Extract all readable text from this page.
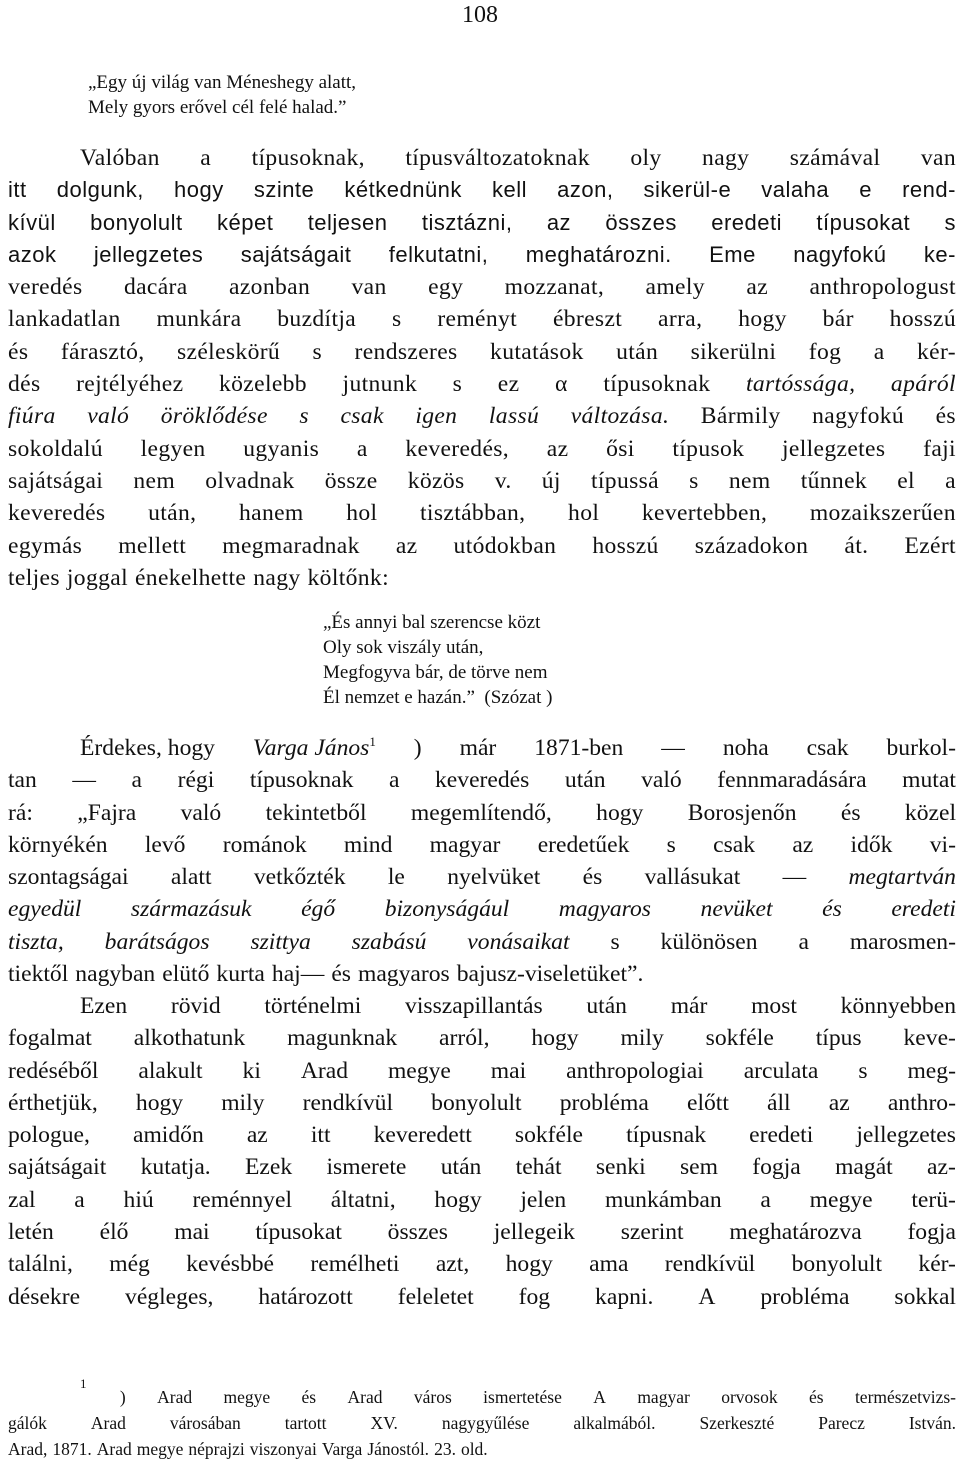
108
„Egy új világ van Méneshegy alatt,
Mely gyors erővel cél felé halad.”
Valóban a típusoknak, típusváltozatoknak oly nagy számával van
itt dolgunk, hogy szinte kétkednünk kell azon, sikerül-e valaha e rend-
kívül bonyolult képet teljesen tisztázni, az összes eredeti típusokat s
azok jellegzetes sajátságait felkutatni, meghatározni. Eme nagyfokú ke-
veredés dacára azonban van egy mozzanat, amely az anthropologust
lankadatlan munkára buzdítja s reményt ébreszt arra, hogy bár hosszú
és fárasztó, széleskörű s rendszeres kutatások után sikerülni fog a kér-
dés rejtélyéhez közelebb jutnunk s ez α típusoknak tartóssága, apáról
fiúra való öröklődése s csak igen lassú változása. Bármily nagyfokú és
sokoldalú legyen ugyanis a keveredés, az ősi típusok jellegzetes faji
sajátságai nem olvadnak össze közös v. új típussá s nem tűnnek el a
keveredés után, hanem hol tisztábban, hol kevertebben, mozaikszerűen
egymás mellett megmaradnak az utódokban hosszú századokon át. Ezért
teljes joggal énekelhette nagy költőnk:
„És annyi bal szerencse közt
Oly sok viszály után,
Megfogyva bár, de törve nem
Él nemzet e hazán.”  (Szózat )
Érdekes, hogy Varga János$^1$ ) már 1871-ben — noha csak burkol-
tan — a régi típusoknak a keveredés után való fennmaradására mutat
rá: „Fajra való tekintetből megemlítendő, hogy Borosjenőn és közel
környékén levő románok mind magyar eredetűek s csak az idők vi-
szontagságai alatt vetkőzték le nyelvüket és vallásukat — megtartván
egyedül származásuk égő bizonyságául magyaros nevüket és eredeti
tiszta, barátságos szittya szabású vonásaikat s különösen a marosmen-
tiektől nagyban elütő kurta haj— és magyaros bajusz-viseletüket”.
Ezen rövid történelmi visszapillantás után már most könnyebben
fogalmat alkothatunk magunknak arról, hogy mily sokféle típus keve-
redéséből alakult ki Arad megye mai anthropologiai arculata s meg-
érthetjük, hogy mily rendkívül bonyolult probléma előtt áll az anthro-
pologue, amidőn az itt keveredett sokféle típusnak eredeti jellegzetes
sajátságait kutatja. Ezek ismerete után tehát senki sem fogja magát az-
zal a hiú reménnyel áltatni, hogy jelen munkámban a megye terü-
letén élő mai típusokat összes jellegeik szerint meghatározva fogja
találni, még kevésbbé remélheti azt, hogy ama rendkívül bonyolult kér-
désekre végleges, határozott feleletet fog kapni. A probléma sokkal
1
) Arad megye és Arad város ismertetése A magyar orvosok és természetvizs-
gálók	Arad	városában	tartott	XV.	nagygyűlése	alkalmából.	Szerkeszté	Parecz	István.
Arad, 1871. Arad megye néprajzi viszonyai Varga Jánostól. 23. old.
